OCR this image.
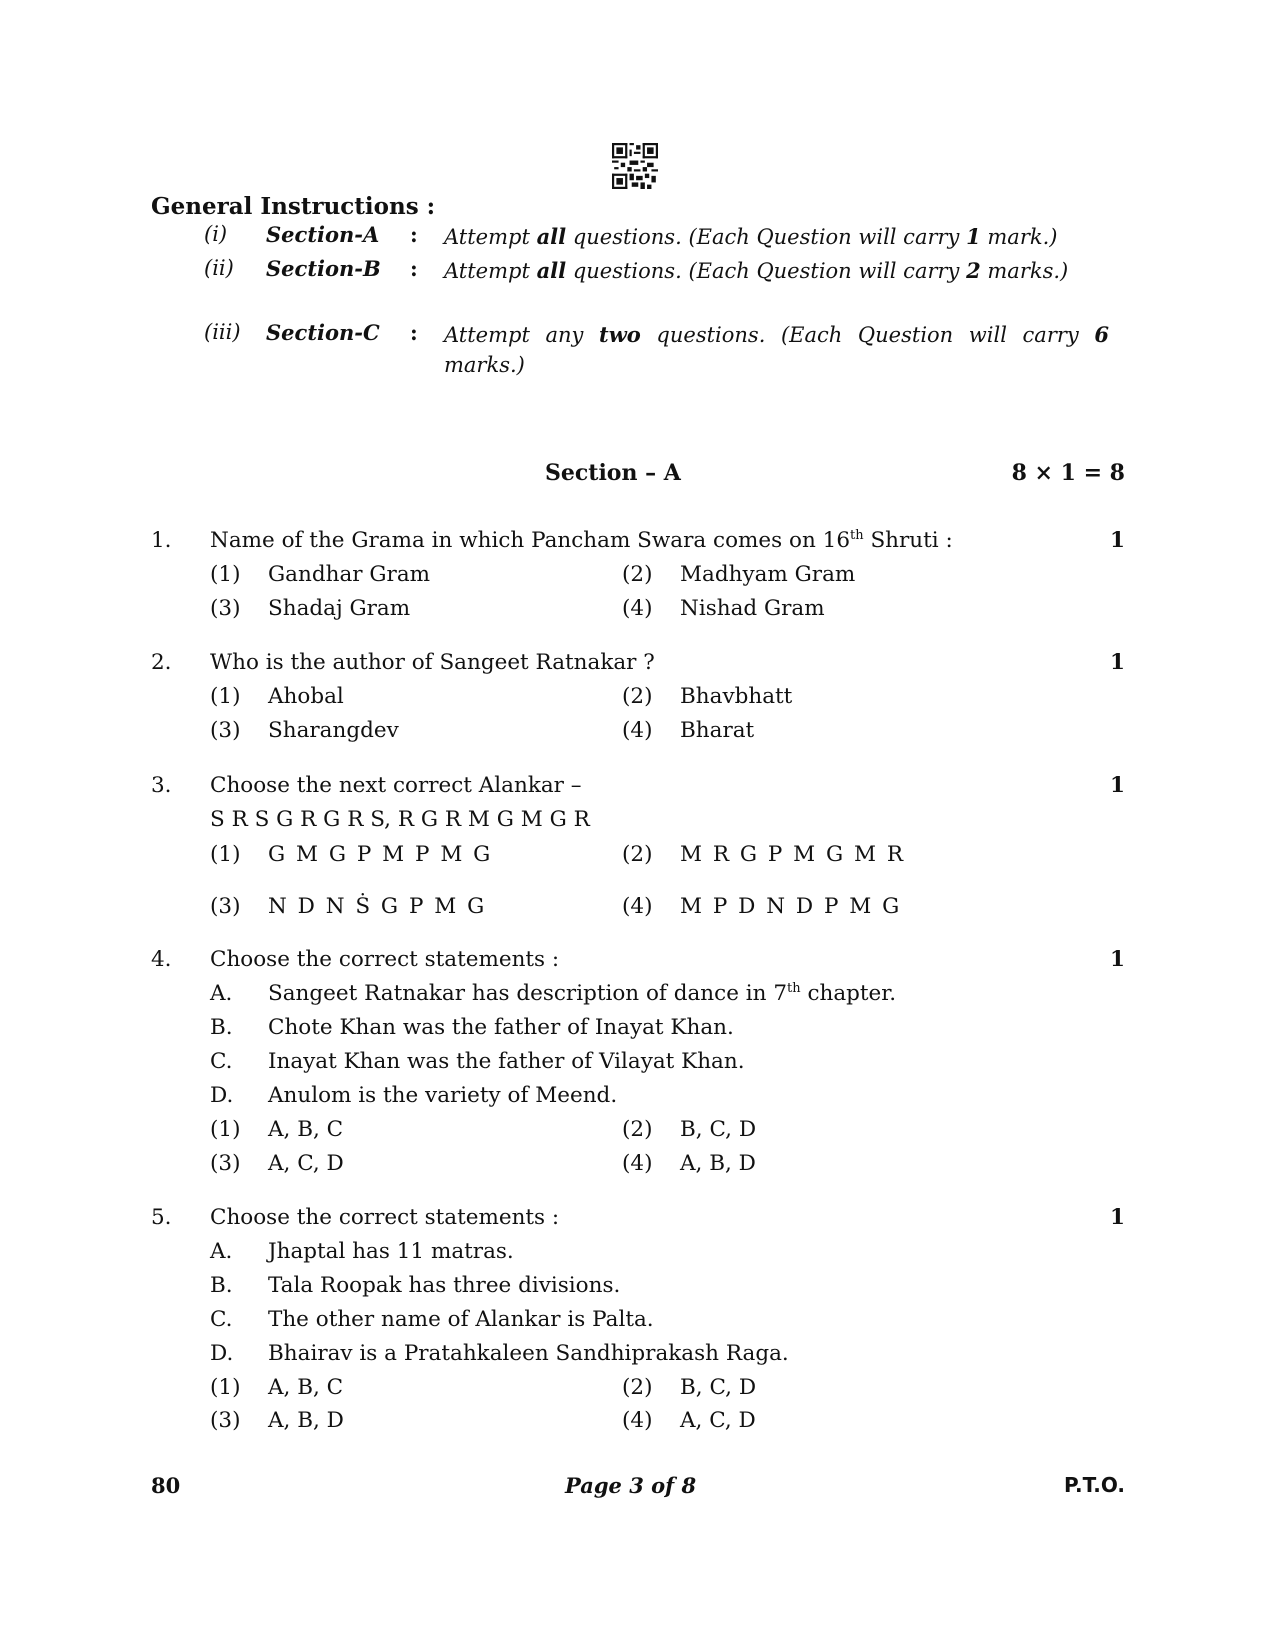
General Instructions :
(i) Section-A : Attempt all questions. (Each Question will carry 1 mark.)
(ii) Section-B : Attempt all questions. (Each Question will carry 2 marks.)
(iii) Section-C : Attempt any two questions. (Each Question will carry 6 marks.)
Section – A	8 × 1 = 8
1. Name of the Grama in which Pancham Swara comes on 16th Shruti :	1
(1) Gandhar Gram	(2) Madhyam Gram
(3) Shadaj Gram	(4) Nishad Gram
2. Who is the author of Sangeet Ratnakar ?	1
(1) Ahobal	(2) Bhavbhatt
(3) Sharangdev	(4) Bharat
3. Choose the next correct Alankar –	1
S R S G R G R S, R G R M G M G R
(1) G M G P M P M G	(2) M R G P M G M R
(3) N D N Ṡ G P M G	(4) M P D N D P M G
4. Choose the correct statements :	1
A. Sangeet Ratnakar has description of dance in 7th chapter.
B. Chote Khan was the father of Inayat Khan.
C. Inayat Khan was the father of Vilayat Khan.
D. Anulom is the variety of Meend.
(1) A, B, C	(2) B, C, D
(3) A, C, D	(4) A, B, D
5. Choose the correct statements :	1
A. Jhaptal has 11 matras.
B. Tala Roopak has three divisions.
C. The other name of Alankar is Palta.
D. Bhairav is a Pratahkaleen Sandhiprakash Raga.
(1) A, B, C	(2) B, C, D
(3) A, B, D	(4) A, C, D
80	Page 3 of 8	P.T.O.
